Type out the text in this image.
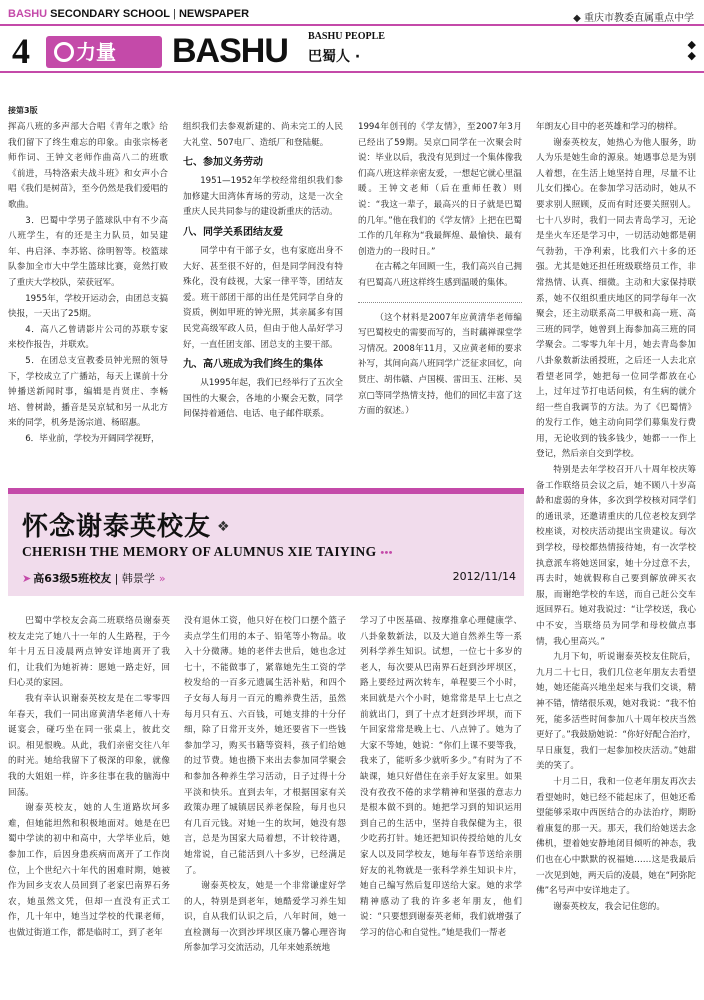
BASHU SECONDARY SCHOOL | NEWSPAPER	◆ 重庆市教委直属重点中学
4	力量	BASHU BASHU PEOPLE
巴蜀人 ·
◆
◆
接第3版

挥高八班的多声部大合唱《青年之歌》给我们留下了终生难忘的印象。由张宗杨老师作词、王钟文老师作曲高八二的班歌《前进，马特洛索夫战斗班》和女声小合唱《我们是树苗》，至今仍然是我们爱唱的歌曲。

3．巴蜀中学男子篮球队中有不少高八班学生，有的还是主力队员，如吴建年、冉启泽、李苏铭、徐明智等。校篮球队参加全市大中学生篮球比赛，竟然打败了重庆大学校队，荣获冠军。

1955年，学校开运动会，由团总支搞快报，一天出了25期。

4．高八乙曾请影片公司的苏联专家来校作报告，并联欢。

5．在团总支宣教委员钟光照的领导下，学校成立了广播站，每天上课前十分钟播送新闻时事，编辑是肖贤庄、李畅培、曾树龄，播音是吴京轼和另一从北方来的同学，机务是汤宗道、杨昭惠。

6．毕业前，学校为开阔同学视野，

组织我们去参观新建的、尚未完工的人民大礼堂、507电厂、造纸厂和登陆艇。

七、参加义务劳动

1951—1952年学校经常组织我们参加修建大田湾体育场的劳动，这是一次全重庆人民共同参与的建设新重庆的活动。

八、同学关系团结友爱

同学中有干部子女，也有家庭出身不大好、甚至很不好的，但是同学间没有特殊化，没有歧视，大家一律平等，团结友爱。班干部团干部的出任是凭同学自身的资质，例如甲班的钟光照，其亲属多有国民党高级军政人员，但由于他人品好学习好，一直任团支部、团总支的主要干部。

九、高八班成为我们终生的集体

从1995年起，我们已经举行了五次全国性的大聚会，各地的小聚会无数，同学间保持着通信、电话、电子邮件联系。

1994年创刊的《学友情》，至2007年3月已经出了59期。吴京□同学在一次聚会时说：毕业以后，我没有见到过一个集体像我们高八班这样亲密友爱，一想起它就心里温暖。王钟文老师（后在重师任教）则说：“我这一辈子，最高兴的日子就是巴蜀的几年。”他在我们的《学友情》上把在巴蜀工作的几年称为“我最辉煌、最愉快、最有创造力的一段时日。”

在古稀之年回顾一生，我们高兴自己拥有巴蜀高八班这样终生感到温暖的集体。

（这个材料是2007年应黄清华老师编写巴蜀校史的需要而写的，当时藕禅课堂学习情况。2008年11月，又应黄老师的要求补写，其间向高八班同学广泛征求回忆，向贤庄、胡伟赣、卢国模、雷田玉、汪彬、吴京□等同学热情支持，他们的回忆丰富了这方面的叙述。）

年朗友心目中的老英雄和学习的榜样。

谢泰英校友，她热心为他人服务，助人为乐是她生命的源泉。她遇事总是为别人着想，在生活上她坚持自理，尽量不让儿女们操心。在参加学习活动时，她从不要求别人照顾，反而有时还要关照别人。七十八岁时，我们一同去青岛学习，无论是坐火车还是学习中，一切活动她都是朝气勃勃，干净利索，比我们六十多的还强。尤其是她还担任班级联络员工作，非常热情、认真、细微。主动和大家保持联系，她不仅组织重庆地区的同学每年一次聚会，还主动联系高二甲极和高一班、高三班的同学，她曾到上海参加高三班的同学聚会。二零零九年十月，她去青岛参加八卦象数新法函授班，之后还一人去北京看望老同学，她把每一位同学都放在心上，过年过节打电话问候，有生病的就介绍一些自我调节的方法。为了《巴蜀情》的发行工作，她主动向同学们募集发行费用，无论收到的钱多钱少，她都一一作上登记，然后亲自交到学校。

特别是去年学校召开八十周年校庆筹备工作联络员会议之后，她不顾八十岁高龄和虚弱的身体，多次到学校核对同学们的通讯录，还邀请重庆的几位老校友到学校座谈，对校庆活动提出宝贵建议。每次到学校，母校都热情接待她，有一次学校执意派车将她送回家，她十分过意不去，再去时，她就假称自己要到解放碑买衣服，而谢绝学校的车送，而自己赶公交车返回界石。她对我说过：“让学校送，我心中不安，当联络员为同学和母校做点事情，我心里高兴。”

九月下旬，听说谢泰英校友住院后，九月二十七日，我们几位老年朋友去看望她，她还能高兴地坐起来与我们交谈，精神不错，情绪很乐观，她对我说：“我不怕死，能多活些时间参加八十周年校庆当然更好了。”我鼓励她说：“你好好配合治疗，早日康复，我们一起参加校庆活动。”她甜美的笑了。

十月二日，我和一位老年朋友再次去看望她时，她已经不能起床了，但她还希望能够采取中西医结合的办法治疗，期盼着康复的那一天。那天，我们给她送去念佛机，望着她安静地闭目倾听的神态，我们也在心中默默的祝福她……这是我最后一次见到她，两天后的凌晨，她在“阿弥陀佛”名号声中安详地走了。

谢泰英校友，我会记住您的。

怀念谢泰英校友 ❖
CHERISH THE MEMORY OF ALUMNUS XIE TAIYING •••
➤ 高63级5班校友 | 韩景学 »	2012/11/14

巴蜀中学校友会高二班联络员谢泰英校友走完了她八十一年的人生路程，于今年十月五日凌晨两点钟安详地离开了我们，让我们为她祈祷：愿她一路走好，回归心灵的家园。

我有幸认识谢泰英校友是在二零零四年春天，我们一同出席黄清华老师八十寿诞宴会，碰巧坐在同一张桌上，彼此交识。相见恨晚。从此，我们亲密交往八年的时光。她给我留下了极深的印象，就像我的大姐姐一样，许多往事在我的脑海中回荡。

谢泰英校友，她的人生道路坎坷多难，但她能坦然和积极地面对。她是在巴蜀中学读的初中和高中，大学毕业后，她参加工作，后因身患疾病而离开了工作岗位，上个世纪六十年代的困难时期，她被作为回乡支农人员回到了老家巴南界石务农，她虽然文凭，但却一直没有正式工作，几十年中，她当过学校的代课老师，也做过街道工作，都是临时工，到了老年

没有退休工资，他只好在校门口摆个篮子卖点学生们用的本子、铅笔等小物品。收入十分微薄。她的老伴去世后，她也念过七十，不能做事了，紧靠她先生工资的学校发给的一百多元遗属生活补贴，和四个子女每人每月一百元的赡养费生活，虽然每月只有五、六百钱，可她支排的十分仔细，除了日常开支外，她还要省下一些钱参加学习，购买书籍等资料，孩子们给她的过节费。她也攒下来出去参加同学聚会和参加各种养生学习活动，日子过得十分平淡和快乐。直到去年，才根据国家有关政策办理了城镇居民养老保险，每月也只有几百元钱。对她一生的坎坷，她没有怨言，总是为国家大局着想，不计较待遇，她常说，自己能活到八十多岁，已经满足了。

谢泰英校友，她是一个非常谦虚好学的人，特别是到老年，她酷爱学习养生知识，自从我们认识之后，八年时间，她一直检测每一次到沙坪坝区康乃馨心理咨询所参加学习交流活动，几年来她系统地

学习了中医基础、按摩推拿心理健康学、八卦象数新法，以及大道自然养生等一系列科学养生知识。试想，一位七十多岁的老人，每次要从巴南界石赶到沙坪坝区，路上要经过两次转车，单程要三个小时，来回就是六个小时，她常常是早上七点之前就出门，到了十点才赶到沙坪坝，而下午回家常常是晚上七、八点钟了。她为了大家不等她，她说：“你们上课不要等我，我来了，能听多少就听多少。”有时为了不缺课，她只好借住在亲手好友家里。如果没有孜孜不倦的求学精神和坚强的意志力是根本做不到的。她把学习到的知识运用到自己的生活中，坚持自我保健为主，很少吃药打针。她还把知识传授给她的儿女家人以及同学校友，她每年春节送给亲朋好友的礼物就是一张科学养生知识卡片，她自己编写然后复印送给大家。她的求学精神感动了我的许多老年朋友，他们说：“只要想到谢泰英老师，我们就增强了学习的信心和自觉性。”她是我们一帮老
